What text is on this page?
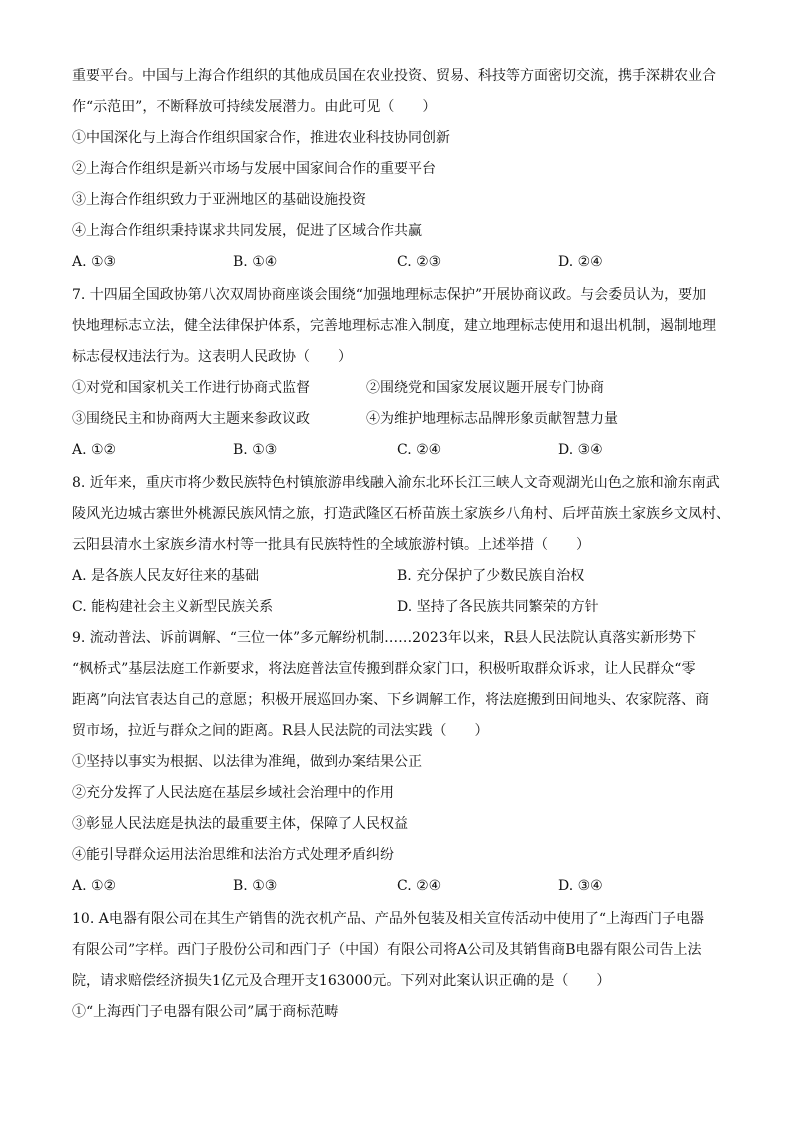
重要平台。中国与上海合作组织的其他成员国在农业投资、贸易、科技等方面密切交流，携手深耕农业合
作“示范田”，不断释放可持续发展潜力。由此可见（　　）
①中国深化与上海合作组织国家合作，推进农业科技协同创新
②上海合作组织是新兴市场与发展中国家间合作的重要平台
③上海合作组织致力于亚洲地区的基础设施投资
④上海合作组织秉持谋求共同发展，促进了区域合作共赢
A. ①③	B. ①④	C. ②③	D. ②④
7. 十四届全国政协第八次双周协商座谈会围绕“加强地理标志保护”开展协商议政。与会委员认为，要加
快地理标志立法，健全法律保护体系，完善地理标志准入制度，建立地理标志使用和退出机制，遏制地理
标志侵权违法行为。这表明人民政协（　　）
①对党和国家机关工作进行协商式监督	②围绕党和国家发展议题开展专门协商
③围绕民主和协商两大主题来参政议政	④为维护地理标志品牌形象贡献智慧力量
A. ①②	B. ①③	C. ②④	D. ③④
8. 近年来，重庆市将少数民族特色村镇旅游串线融入渝东北环长江三峡人文奇观湖光山色之旅和渝东南武
陵风光边城古寨世外桃源民族风情之旅，打造武隆区石桥苗族土家族乡八角村、后坪苗族土家族乡文凤村、
云阳县清水土家族乡清水村等一批具有民族特性的全域旅游村镇。上述举措（　　）
A. 是各族人民友好往来的基础	B. 充分保护了少数民族自治权
C. 能构建社会主义新型民族关系	D. 坚持了各民族共同繁荣的方针
9. 流动普法、诉前调解、“三位一体”多元解纷机制……2023年以来，R县人民法院认真落实新形势下
“枫桥式”基层法庭工作新要求，将法庭普法宣传搬到群众家门口，积极听取群众诉求，让人民群众“零
距离”向法官表达自己的意愿；积极开展巡回办案、下乡调解工作，将法庭搬到田间地头、农家院落、商
贸市场，拉近与群众之间的距离。R县人民法院的司法实践（　　）
①坚持以事实为根据、以法律为准绳，做到办案结果公正
②充分发挥了人民法庭在基层乡域社会治理中的作用
③彰显人民法庭是执法的最重要主体，保障了人民权益
④能引导群众运用法治思维和法治方式处理矛盾纠纷
A. ①②	B. ①③	C. ②④	D. ③④
10. A电器有限公司在其生产销售的洗衣机产品、产品外包装及相关宣传活动中使用了“上海西门子电器
有限公司”字样。西门子股份公司和西门子（中国）有限公司将A公司及其销售商B电器有限公司告上法
院，请求赔偿经济损失1亿元及合理开支163000元。下列对此案认识正确的是（　　）
①“上海西门子电器有限公司”属于商标范畴
